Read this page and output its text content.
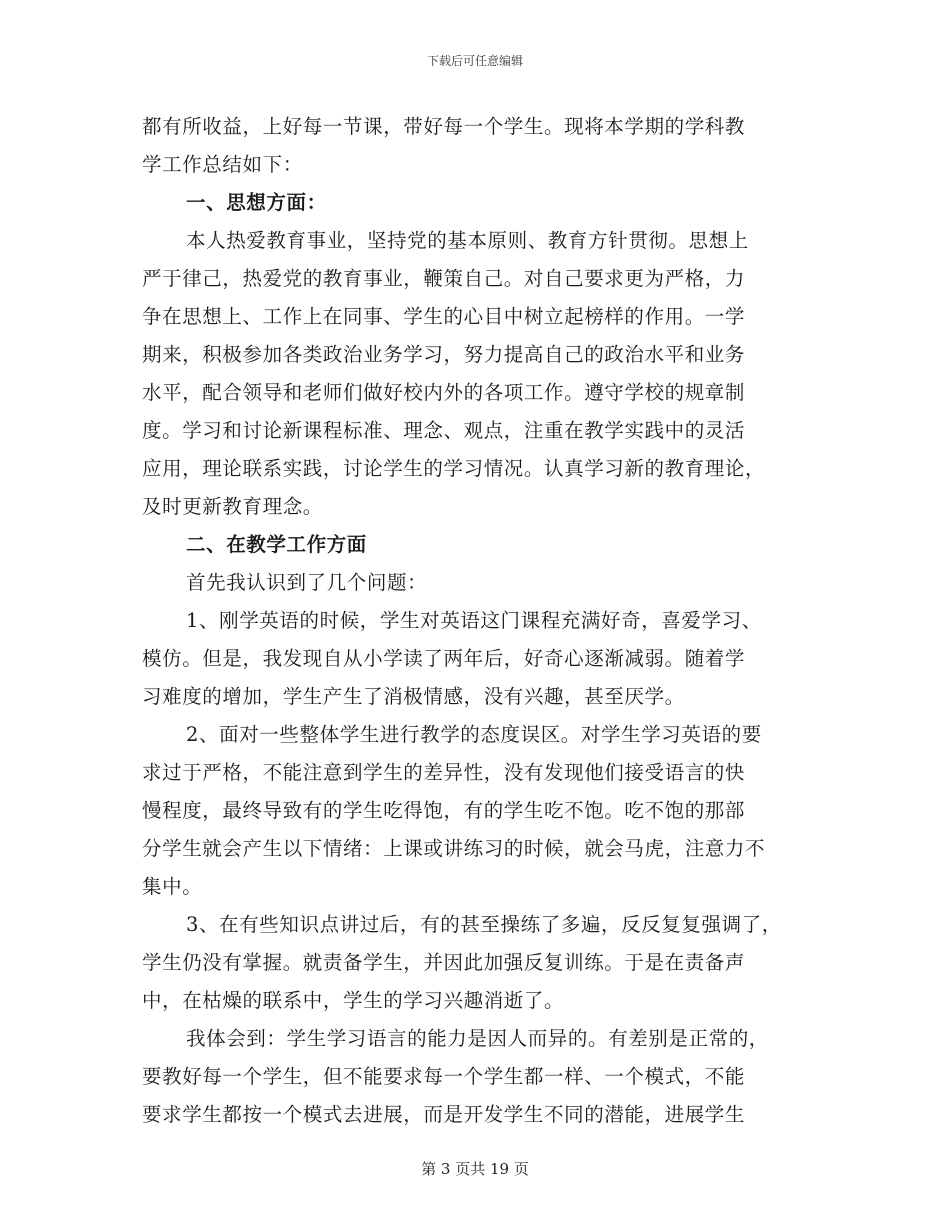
下载后可任意编辑
都有所收益，上好每一节课，带好每一个学生。现将本学期的学科教
学工作总结如下：
一、思想方面：
本人热爱教育事业，坚持党的基本原则、教育方针贯彻。思想上
严于律己，热爱党的教育事业，鞭策自己。对自己要求更为严格，力
争在思想上、工作上在同事、学生的心目中树立起榜样的作用。一学
期来，积极参加各类政治业务学习，努力提高自己的政治水平和业务
水平，配合领导和老师们做好校内外的各项工作。遵守学校的规章制
度。学习和讨论新课程标准、理念、观点，注重在教学实践中的灵活
应用，理论联系实践，讨论学生的学习情况。认真学习新的教育理论，
及时更新教育理念。
二、在教学工作方面
首先我认识到了几个问题：
1、刚学英语的时候，学生对英语这门课程充满好奇，喜爱学习、
模仿。但是，我发现自从小学读了两年后，好奇心逐渐减弱。随着学
习难度的增加，学生产生了消极情感，没有兴趣，甚至厌学。
2、面对一些整体学生进行教学的态度误区。对学生学习英语的要
求过于严格，不能注意到学生的差异性，没有发现他们接受语言的快
慢程度，最终导致有的学生吃得饱，有的学生吃不饱。吃不饱的那部
分学生就会产生以下情绪：上课或讲练习的时候，就会马虎，注意力不
集中。
3、在有些知识点讲过后，有的甚至操练了多遍，反反复复强调了，
学生仍没有掌握。就责备学生，并因此加强反复训练。于是在责备声
中，在枯燥的联系中，学生的学习兴趣消逝了。
我体会到：学生学习语言的能力是因人而异的。有差别是正常的，
要教好每一个学生，但不能要求每一个学生都一样、一个模式，不能
要求学生都按一个模式去进展，而是开发学生不同的潜能，进展学生
第 3 页共 19 页
